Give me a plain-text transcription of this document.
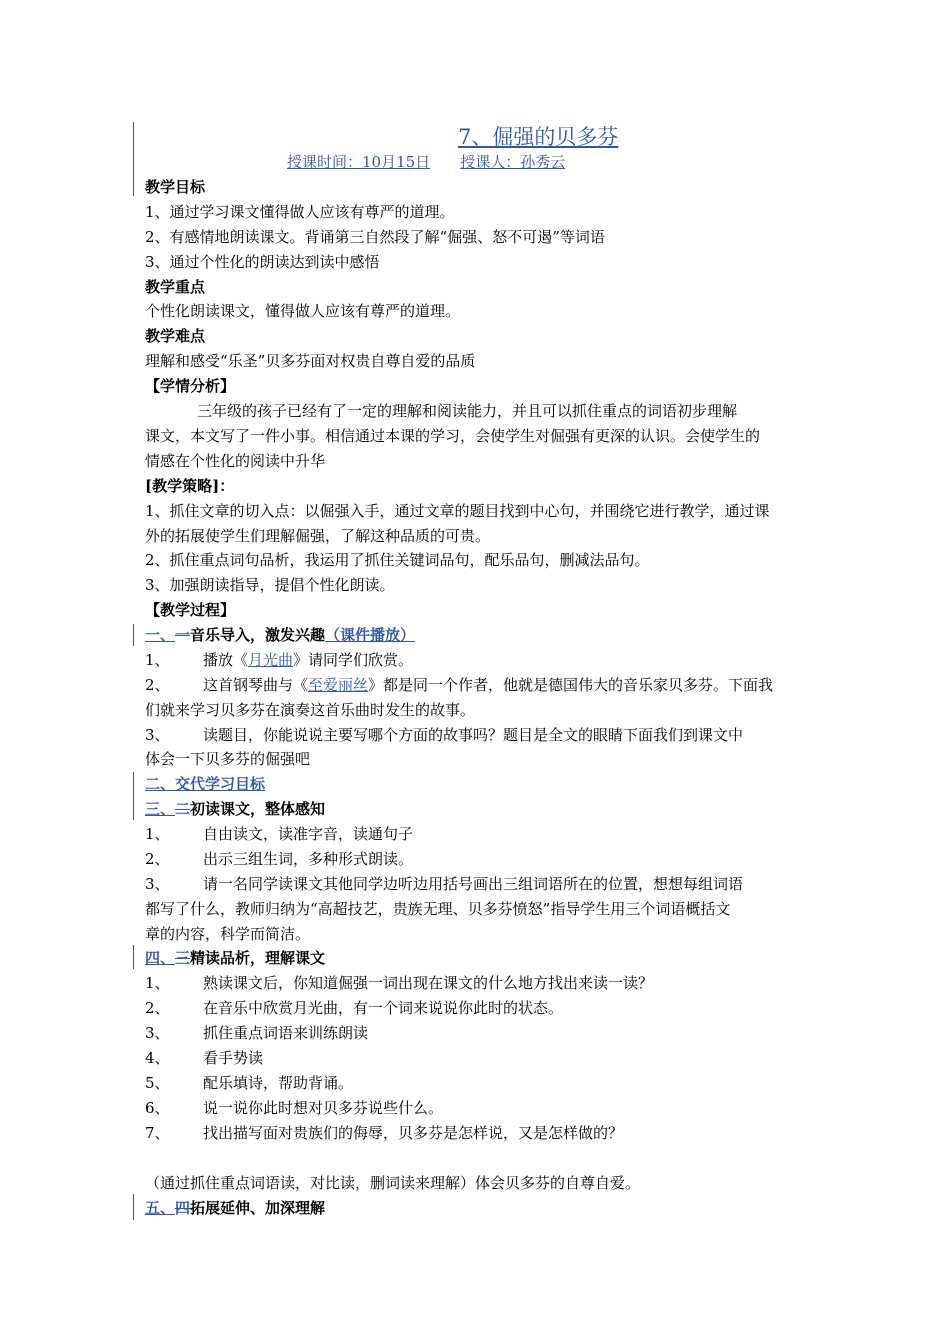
7、倔强的贝多芬
授课时间：10月15日 授课人：孙秀云
教学目标
1、通过学习课文懂得做人应该有尊严的道理。
2、有感情地朗读课文。背诵第三自然段了解“倔强、怒不可遏”等词语
3、通过个性化的朗读达到读中感悟
教学重点
个性化朗读课文，懂得做人应该有尊严的道理。
教学难点
理解和感受“乐圣”贝多芬面对权贵自尊自爱的品质
【学情分析】
三年级的孩子已经有了一定的理解和阅读能力，并且可以抓住重点的词语初步理解
课文，本文写了一件小事。相信通过本课的学习，会使学生对倔强有更深的认识。会使学生的
情感在个性化的阅读中升华
[教学策略]：
1、抓住文章的切入点：以倔强入手，通过文章的题目找到中心句，并围绕它进行教学，通过课
外的拓展使学生们理解倔强，了解这种品质的可贵。
2、抓住重点词句品析，我运用了抓住关键词品句，配乐品句，删减法品句。
3、加强朗读指导，提倡个性化朗读。
【教学过程】
一、一音乐导入，激发兴趣（课件播放）
1、 播放《月光曲》请同学们欣赏。
2、 这首钢琴曲与《至爱丽丝》都是同一个作者，他就是德国伟大的音乐家贝多芬。下面我
们就来学习贝多芬在演奏这首乐曲时发生的故事。
3、 读题目，你能说说主要写哪个方面的故事吗？题目是全文的眼睛下面我们到课文中
体会一下贝多芬的倔强吧
二、交代学习目标
三、二初读课文，整体感知
1、 自由读文，读准字音，读通句子
2、 出示三组生词，多种形式朗读。
3、 请一名同学读课文其他同学边听边用括号画出三组词语所在的位置，想想每组词语
都写了什么，教师归纳为“高超技艺，贵族无理、贝多芬愤怒”指导学生用三个词语概括文
章的内容，科学而简洁。
四、三精读品析，理解课文
1、 熟读课文后，你知道倔强一词出现在课文的什么地方找出来读一读？
2、 在音乐中欣赏月光曲，有一个词来说说你此时的状态。
3、 抓住重点词语来训练朗读
4、 看手势读
5、 配乐填诗，帮助背诵。
6、 说一说你此时想对贝多芬说些什么。
7、 找出描写面对贵族们的侮辱，贝多芬是怎样说，又是怎样做的？
（通过抓住重点词语读，对比读，删词读来理解）体会贝多芬的自尊自爱。
五、四拓展延伸、加深理解
